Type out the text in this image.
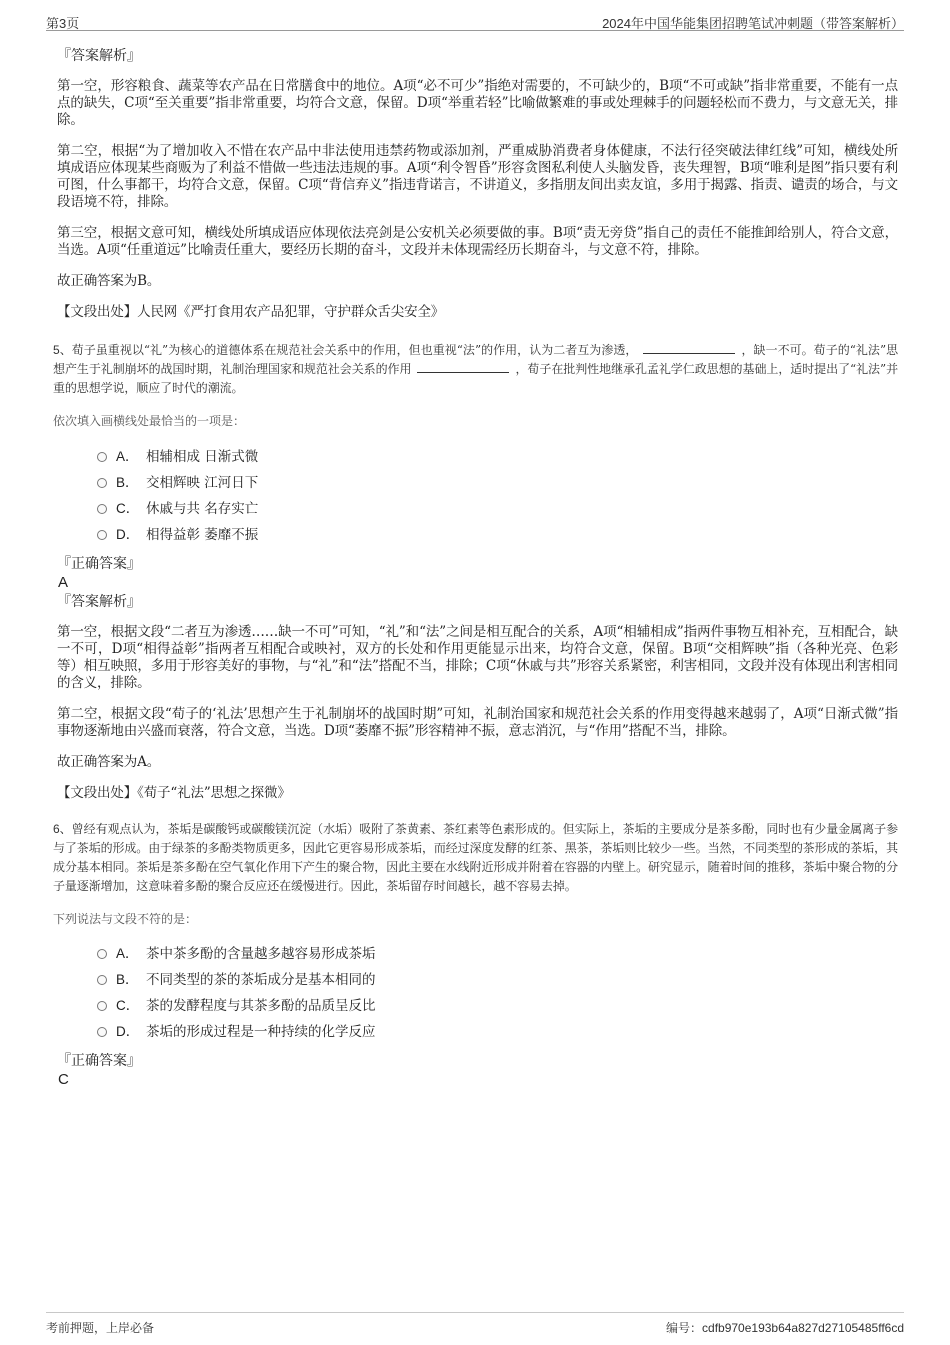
第3页	2024年中国华能集团招聘笔试冲刺题（带答案解析）

『答案解析』

第一空，形容粮食、蔬菜等农产品在日常膳食中的地位。A项“必不可少”指绝对需要的，不可缺少的，B项“不可或缺”指非常重要，不能有一点点的缺失，C项“至关重要”指非常重要，均符合文意，保留。D项“举重若轻”比喻做繁难的事或处理棘手的问题轻松而不费力，与文意无关，排除。

第二空，根据“为了增加收入不惜在农产品中非法使用违禁药物或添加剂，严重威胁消费者身体健康，不法行径突破法律红线”可知，横线处所填成语应体现某些商贩为了利益不惜做一些违法违规的事。A项“利令智昏”形容贪图私利使人头脑发昏，丧失理智，B项“唯利是图”指只要有利可图，什么事都干，均符合文意，保留。C项“背信弃义”指违背诺言，不讲道义，多指朋友间出卖友谊，多用于揭露、指责、谴责的场合，与文段语境不符，排除。

第三空，根据文意可知，横线处所填成语应体现依法亮剑是公安机关必须要做的事。B项“责无旁贷”指自己的责任不能推卸给别人，符合文意，当选。A项“任重道远”比喻责任重大，要经历长期的奋斗，文段并未体现需经历长期奋斗，与文意不符，排除。

故正确答案为B。

【文段出处】人民网《严打食用农产品犯罪，守护群众舌尖安全》

5、荀子虽重视以“礼”为核心的道德体系在规范社会关系中的作用，但也重视“法”的作用，认为二者互为渗透，	，缺一不可。荀子的“礼法”思想产生于礼制崩坏的战国时期，礼制治理国家和规范社会关系的作用	，荀子在批判性地继承孔孟礼学仁政思想的基础上，适时提出了“礼法”并重的思想学说，顺应了时代的潮流。

依次填入画横线处最恰当的一项是：

A． 相辅相成 日渐式微
B． 交相辉映 江河日下
C． 休戚与共 名存实亡
D． 相得益彰 萎靡不振

『正确答案』

A

『答案解析』

第一空，根据文段“二者互为渗透……缺一不可”可知，“礼”和“法”之间是相互配合的关系，A项“相辅相成”指两件事物互相补充，互相配合，缺一不可，D项“相得益彰”指两者互相配合或映衬，双方的长处和作用更能显示出来，均符合文意，保留。B项“交相辉映”指（各种光亮、色彩等）相互映照，多用于形容美好的事物，与“礼”和“法”搭配不当，排除；C项“休戚与共”形容关系紧密，利害相同，文段并没有体现出利害相同的含义，排除。

第二空，根据文段“荀子的‘礼法’思想产生于礼制崩坏的战国时期”可知，礼制治国家和规范社会关系的作用变得越来越弱了，A项“日渐式微”指事物逐渐地由兴盛而衰落，符合文意，当选。D项“萎靡不振”形容精神不振，意志消沉，与“作用”搭配不当，排除。

故正确答案为A。

【文段出处】《荀子“礼法”思想之探微》

6、曾经有观点认为，茶垢是碳酸钙或碳酸镁沉淀（水垢）吸附了茶黄素、茶红素等色素形成的。但实际上，茶垢的主要成分是茶多酚，同时也有少量金属离子参与了茶垢的形成。由于绿茶的多酚类物质更多，因此它更容易形成茶垢，而经过深度发酵的红茶、黑茶，茶垢则比较少一些。当然，不同类型的茶形成的茶垢，其成分基本相同。茶垢是茶多酚在空气氧化作用下产生的聚合物，因此主要在水线附近形成并附着在容器的内壁上。研究显示，随着时间的推移，茶垢中聚合物的分子量逐渐增加，这意味着多酚的聚合反应还在缓慢进行。因此，茶垢留存时间越长，越不容易去掉。

下列说法与文段不符的是：

A． 茶中茶多酚的含量越多越容易形成茶垢
B． 不同类型的茶的茶垢成分是基本相同的
C． 茶的发酵程度与其茶多酚的品质呈反比
D． 茶垢的形成过程是一种持续的化学反应

『正确答案』

C

考前押题，上岸必备	编号：cdfb970e193b64a827d27105485ff6cd
